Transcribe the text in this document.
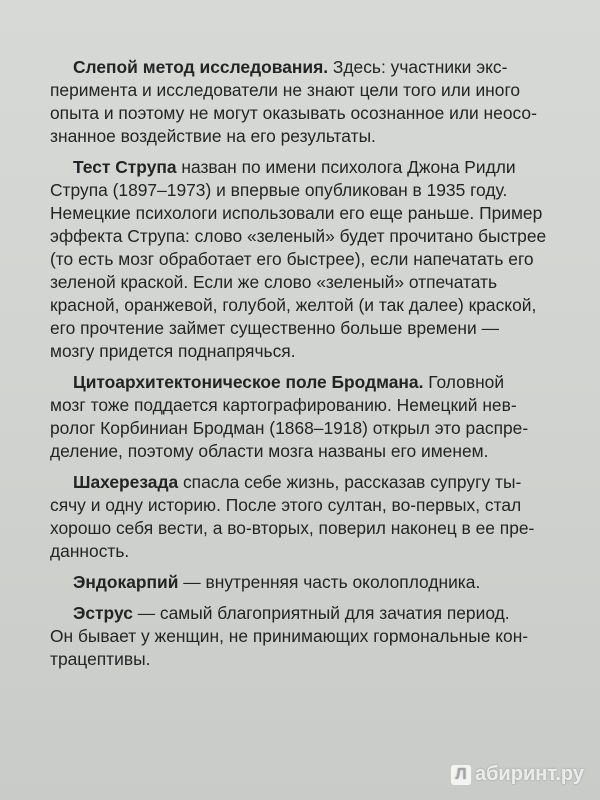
Слепой метод исследования. Здесь: участники экс-
перимента и исследователи не знают цели того или иного
опыта и поэтому не могут оказывать осознанное или неосо-
знанное воздействие на его результаты.
Тест Струпа назван по имени психолога Джона Ридли
Струпа (1897–1973) и впервые опубликован в 1935 году.
Немецкие психологи использовали его еще раньше. Пример
эффекта Струпа: слово «зеленый» будет прочитано быстрее
(то есть мозг обработает его быстрее), если напечатать его
зеленой краской. Если же слово «зеленый» отпечатать
красной, оранжевой, голубой, желтой (и так далее) краской,
его прочтение займет существенно больше времени —
мозгу придется поднапрячься.
Цитоархитектоническое поле Бродмана. Головной
мозг тоже поддается картографированию. Немецкий нев-
ролог Корбиниан Бродман (1868–1918) открыл это распре-
деление, поэтому области мозга названы его именем.
Шахерезада спасла себе жизнь, рассказав супругу ты-
сячу и одну историю. После этого султан, во-первых, стал
хорошо себя вести, а во-вторых, поверил наконец в ее пре-
данность.
Эндокарпий — внутренняя часть околоплодника.
Эструс — самый благоприятный для зачатия период.
Он бывает у женщин, не принимающих гормональные кон-
трацептивы.
Л абиринт.ру
